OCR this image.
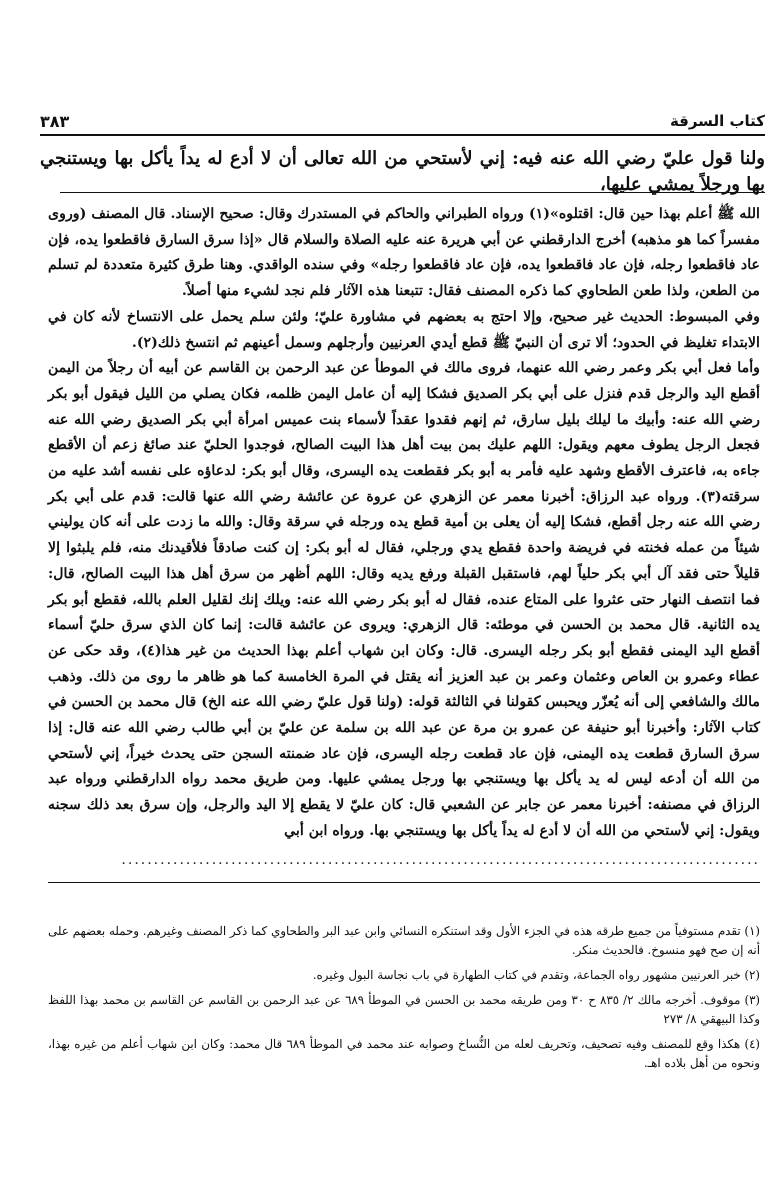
كتاب السرقة
٣٨٣
ولنا قول عليّ رضي الله عنه فيه: إني لأستحي من الله تعالى أن لا أدع له يداً يأكل بها ويستنجي بها ورجلاً يمشي عليها،

الله ﷺ أعلم بهذا حين قال: اقتلوه»(١) ورواه الطبراني والحاكم في المستدرك وقال: صحيح الإسناد. قال المصنف (وروى مفسراً كما هو مذهبه) أخرج الدارقطني عن أبي هريرة عنه عليه الصلاة والسلام قال «إذا سرق السارق فاقطعوا يده، فإن عاد فاقطعوا رجله، فإن عاد فاقطعوا يده، فإن عاد فاقطعوا رجله» وفي سنده الواقدي. وهنا طرق كثيرة متعددة لم تسلم من الطعن، ولذا طعن الطحاوي كما ذكره المصنف فقال: تتبعنا هذه الآثار فلم نجد لشيء منها أصلاً.

وفي المبسوط: الحديث غير صحيح، وإلا احتج به بعضهم في مشاورة عليّ؛ ولئن سلم يحمل على الانتساخ لأنه كان في الابتداء تغليظ في الحدود؛ ألا ترى أن النبيّ ﷺ قطع أيدي العرنيين وأرجلهم وسمل أعينهم ثم انتسخ ذلك(٢).

وأما فعل أبي بكر وعمر رضي الله عنهما، فروى مالك في الموطأ عن عبد الرحمن بن القاسم عن أبيه أن رجلاً من اليمن أقطع اليد والرجل قدم فنزل على أبي بكر الصديق فشكا إليه أن عامل اليمن ظلمه، فكان يصلي من الليل فيقول أبو بكر رضي الله عنه: وأبيك ما ليلك بليل سارق، ثم إنهم فقدوا عقداً لأسماء بنت عميس امرأة أبي بكر الصديق رضي الله عنه فجعل الرجل يطوف معهم ويقول: اللهم عليك بمن بيت أهل هذا البيت الصالح، فوجدوا الحليّ عند صائغ زعم أن الأقطع جاءه به، فاعترف الأقطع وشهد عليه فأمر به أبو بكر فقطعت يده اليسرى، وقال أبو بكر: لدعاؤه على نفسه أشد عليه من سرقته(٣). ورواه عبد الرزاق: أخبرنا معمر عن الزهري عن عروة عن عائشة رضي الله عنها قالت: قدم على أبي بكر رضي الله عنه رجل أقطع، فشكا إليه أن يعلى بن أمية قطع يده ورجله في سرقة وقال: والله ما زدت على أنه كان يوليني شيئاً من عمله فخنته في فريضة واحدة فقطع يدي ورجلي، فقال له أبو بكر: إن كنت صادقاً فلأقيدنك منه، فلم يلبثوا إلا قليلاً حتى فقد آل أبي بكر حلياً لهم، فاستقبل القبلة ورفع يديه وقال: اللهم أظهر من سرق أهل هذا البيت الصالح، قال: فما انتصف النهار حتى عثروا على المتاع عنده، فقال له أبو بكر رضي الله عنه: ويلك إنك لقليل العلم بالله، فقطع أبو بكر يده الثانية. قال محمد بن الحسن في موطئه: قال الزهري: ويروى عن عائشة قالت: إنما كان الذي سرق حليّ أسماء أقطع اليد اليمنى فقطع أبو بكر رجله اليسرى. قال: وكان ابن شهاب أعلم بهذا الحديث من غير هذا(٤)، وقد حكى عن عطاء وعمرو بن العاص وعثمان وعمر بن عبد العزيز أنه يقتل في المرة الخامسة كما هو ظاهر ما روى من ذلك. وذهب مالك والشافعي إلى أنه يُعزّر ويحبس كقولنا في الثالثة قوله: (ولنا قول عليّ رضي الله عنه الخ) قال محمد بن الحسن في كتاب الآثار: وأخبرنا أبو حنيفة عن عمرو بن مرة عن عبد الله بن سلمة عن عليّ بن أبي طالب رضي الله عنه قال: إذا سرق السارق قطعت يده اليمنى، فإن عاد قطعت رجله اليسرى، فإن عاد ضمنته السجن حتى يحدث خيراً، إني لأستحي من الله أن أدعه ليس له يد يأكل بها ويستنجي بها ورجل يمشي عليها. ومن طريق محمد رواه الدارقطني ورواه عبد الرزاق في مصنفه: أخبرنا معمر عن جابر عن الشعبي قال: كان عليّ لا يقطع إلا اليد والرجل، وإن سرق بعد ذلك سجنه ويقول: إني لأستحي من الله أن لا أدع له يداً يأكل بها ويستنجي بها. ورواه ابن أبي

...................................................................................................

(١) تقدم مستوفياً من جميع طرقه هذه في الجزء الأول وقد استنكره النسائي وابن عبد البر والطحاوي كما ذكر المصنف وغيرهم. وحمله بعضهم على أنه إن صح فهو منسوخ. فالحديث منكر.

(٢) خبر العرنيين مشهور رواه الجماعة، وتقدم في كتاب الطهارة في باب نجاسة البول وغيره.

(٣) موقوف. أخرجه مالك ٢/ ٨٣٥ ح ٣٠ ومن طريقه محمد بن الحسن في الموطأ ٦٨٩ عن عبد الرحمن بن القاسم عن القاسم بن محمد بهذا اللفظ وكذا البيهقي ٨/ ٢٧٣

(٤) هكذا وقع للمصنف وفيه تصحيف، وتحريف لعله من النُّساخ وصوابه عند محمد في الموطأ ٦٨٩ قال محمد: وكان ابن شهاب أعلم من غيره بهذا، ونحوه من أهل بلاده اهـ.
